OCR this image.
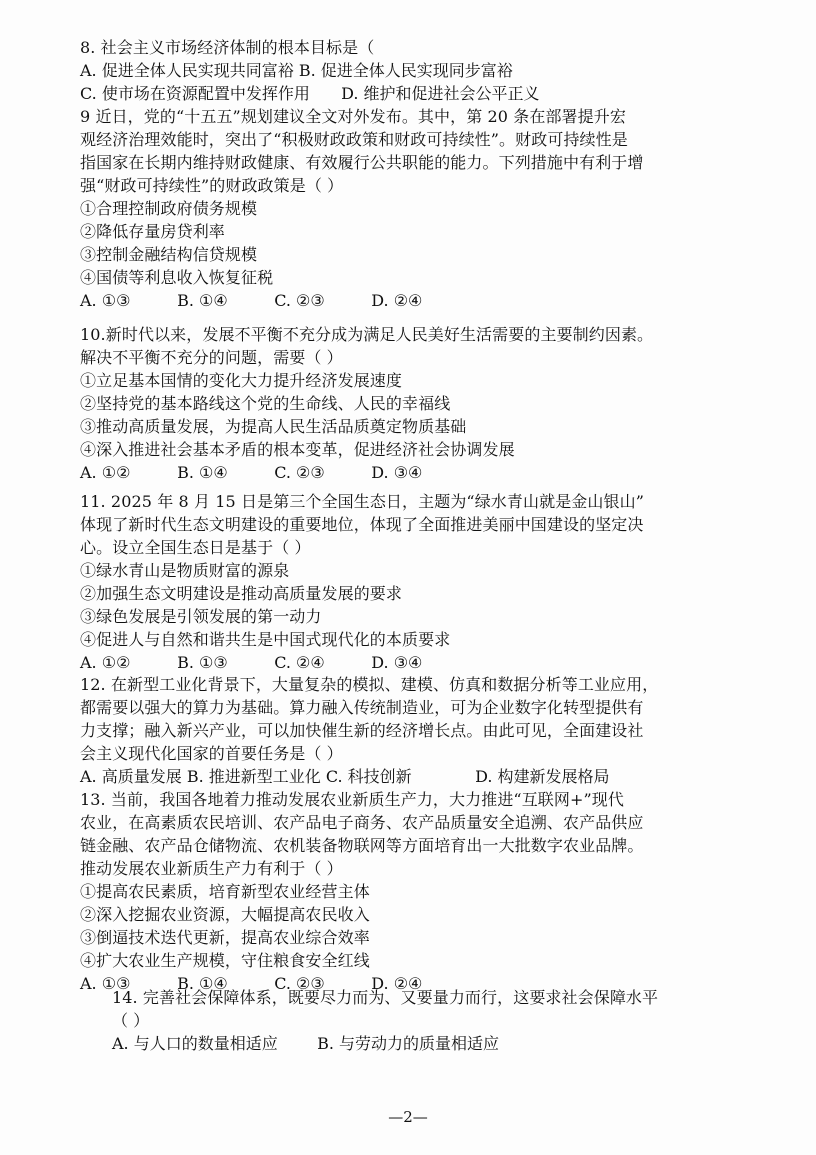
8. 社会主义市场经济体制的根本目标是（
A. 促进全体人民实现共同富裕 B. 促进全体人民实现同步富裕
C. 使市场在资源配置中发挥作用 D. 维护和促进社会公平正义
9 近日，党的“十五五”规划建议全文对外发布。其中，第 20 条在部署提升宏
观经济治理效能时，突出了“积极财政政策和财政可持续性”。财政可持续性是
指国家在长期内维持财政健康、有效履行公共职能的能力。下列措施中有利于增
强“财政可持续性”的财政政策是（ ）
①合理控制政府债务规模
②降低存量房贷利率
③控制金融结构信贷规模
④国债等利息收入恢复征税
A. ①③	B. ①④	C. ②③	D. ②④
10.新时代以来，发展不平衡不充分成为满足人民美好生活需要的主要制约因素。
解决不平衡不充分的问题，需要（ ）
①立足基本国情的变化大力提升经济发展速度
②坚持党的基本路线这个党的生命线、人民的幸福线
③推动高质量发展，为提高人民生活品质奠定物质基础
④深入推进社会基本矛盾的根本变革，促进经济社会协调发展
A. ①②	B. ①④	C. ②③	D. ③④
11. 2025 年 8 月 15 日是第三个全国生态日，主题为“绿水青山就是金山银山”
体现了新时代生态文明建设的重要地位，体现了全面推进美丽中国建设的坚定决
心。设立全国生态日是基于（ ）
①绿水青山是物质财富的源泉
②加强生态文明建设是推动高质量发展的要求
③绿色发展是引领发展的第一动力
④促进人与自然和谐共生是中国式现代化的本质要求
A. ①②	B. ①③	C. ②④	D. ③④
12. 在新型工业化背景下，大量复杂的模拟、建模、仿真和数据分析等工业应用，
都需要以强大的算力为基础。算力融入传统制造业，可为企业数字化转型提供有
力支撑；融入新兴产业，可以加快催生新的经济增长点。由此可见，全面建设社
会主义现代化国家的首要任务是（ ）
A. 高质量发展 B. 推进新型工业化 C. 科技创新	D. 构建新发展格局
13. 当前，我国各地着力推动发展农业新质生产力，大力推进“互联网+”现代
农业，在高素质农民培训、农产品电子商务、农产品质量安全追溯、农产品供应
链金融、农产品仓储物流、农机装备物联网等方面培育出一大批数字农业品牌。
推动发展农业新质生产力有利于（ ）
①提高农民素质，培育新型农业经营主体
②深入挖掘农业资源，大幅提高农民收入
③倒逼技术迭代更新，提高农业综合效率
④扩大农业生产规模，守住粮食安全红线
A. ①③	B. ①④	C. ②③	D. ②④
14. 完善社会保障体系，既要尽力而为、又要量力而行，这要求社会保障水平
（ ）
A. 与人口的数量相适应 B. 与劳动力的质量相适应
—2—
